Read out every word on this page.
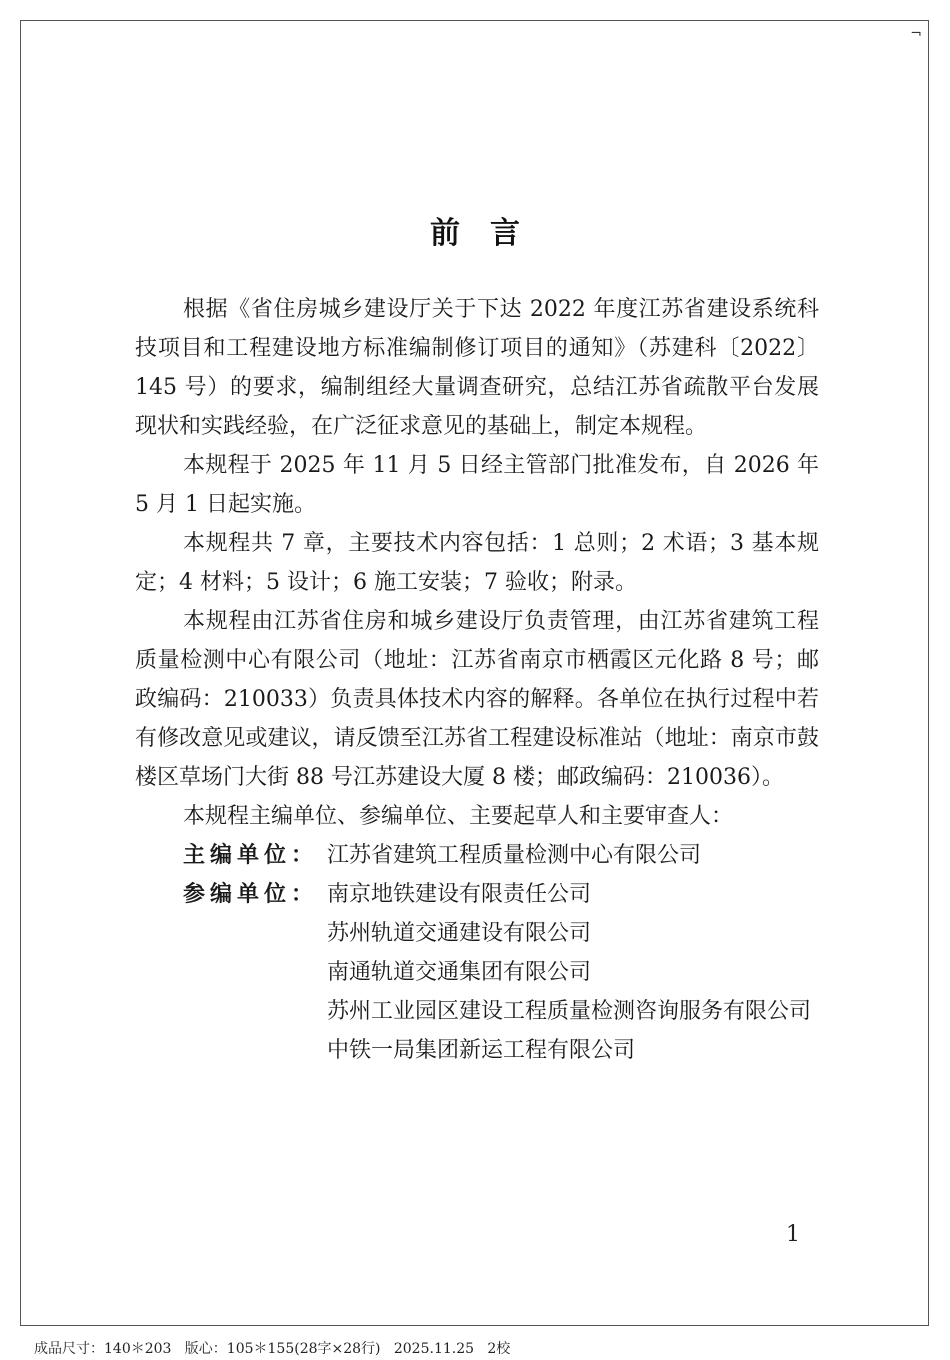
¬
前言

根据《省住房城乡建设厅关于下达 2022 年度江苏省建设系统科技项目和工程建设地方标准编制修订项目的通知》（苏建科〔2022〕145 号）的要求，编制组经大量调查研究，总结江苏省疏散平台发展现状和实践经验，在广泛征求意见的基础上，制定本规程。

本规程于 2025 年 11 月 5 日经主管部门批准发布，自 2026 年 5 月 1 日起实施。

本规程共 7 章，主要技术内容包括：1 总则；2 术语；3 基本规定；4 材料；5 设计；6 施工安装；7 验收；附录。

本规程由江苏省住房和城乡建设厅负责管理，由江苏省建筑工程质量检测中心有限公司（地址：江苏省南京市栖霞区元化路 8 号；邮政编码：210033）负责具体技术内容的解释。各单位在执行过程中若有修改意见或建议，请反馈至江苏省工程建设标准站（地址：南京市鼓楼区草场门大街 88 号江苏建设大厦 8 楼；邮政编码：210036）。

本规程主编单位、参编单位、主要起草人和主要审查人：

主编单位： 江苏省建筑工程质量检测中心有限公司
参编单位： 南京地铁建设有限责任公司
苏州轨道交通建设有限公司
南通轨道交通集团有限公司
苏州工业园区建设工程质量检测咨询服务有限公司
中铁一局集团新运工程有限公司
1
成品尺寸：140＊203   版心：105＊155(28字×28行)   2025.11.25   2校
